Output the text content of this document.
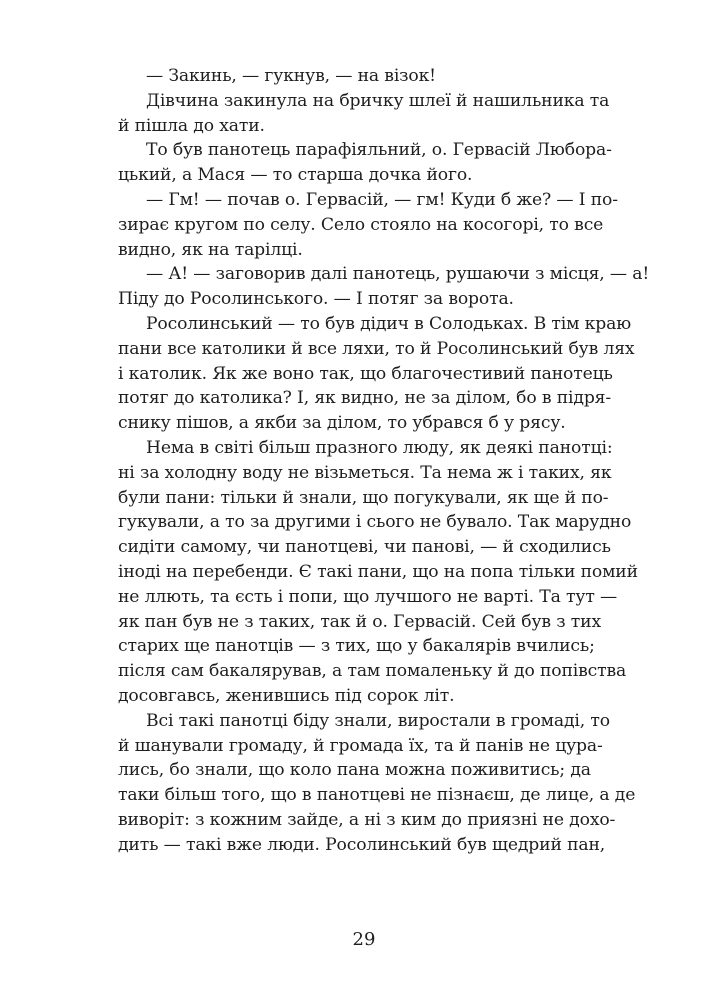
— Закинь, — гукнув, — на візок!
Дівчина закинула на бричку шлеї й нашильника та
й пішла до хати.
То був панотець парафіяльний, о. Гервасій Люборa-
цький, а Мася — то старша дочка його.
— Гм! — почав о. Гервасій, — гм! Куди б же? — І по-
зирає кругом по селу. Село стояло на косогорі, то все
видно, як на тарілці.
— А! — заговорив далі панотець, рушаючи з місця, — а!
Піду до Росолинського. — І потяг за ворота.
Росолинський — то був дідич в Солодьках. В тім краю
пани все католики й все ляхи, то й Росолинський був лях
і католик. Як же воно так, що благочестивий панотець
потяг до католика? І, як видно, не за ділом, бо в підря-
снику пішов, а якби за ділом, то убрався б у рясу.
Нема в світі більш празного люду, як деякі панотці:
ні за холодну воду не візьметься. Та нема ж і таких, як
були пани: тільки й знали, що погукували, як ще й по-
гукували, а то за другими і сього не бувало. Так марудно
сидіти самому, чи панотцеві, чи панові, — й сходились
іноді на перебенди. Є такі пани, що на попа тільки помий
не ллють, та єсть і попи, що лучшого не варті. Та тут —
як пан був не з таких, так й о. Гервасій. Сей був з тих
старих ще панотців — з тих, що у бакалярів вчились;
після сам бакалярував, а там помаленьку й до попівства
досовгавсь, женившись під сорок літ.
Всі такі панотці біду знали, виростали в громаді, то
й шанували громаду, й громада їх, та й панів не цура-
лись, бо знали, що коло пана можна поживитись; да
таки більш того, що в панотцеві не пізнаєш, де лице, а де
виворіт: з кожним зайде, а ні з ким до приязні не дохо-
дить — такі вже люди. Росолинський був щедрий пан,
29
